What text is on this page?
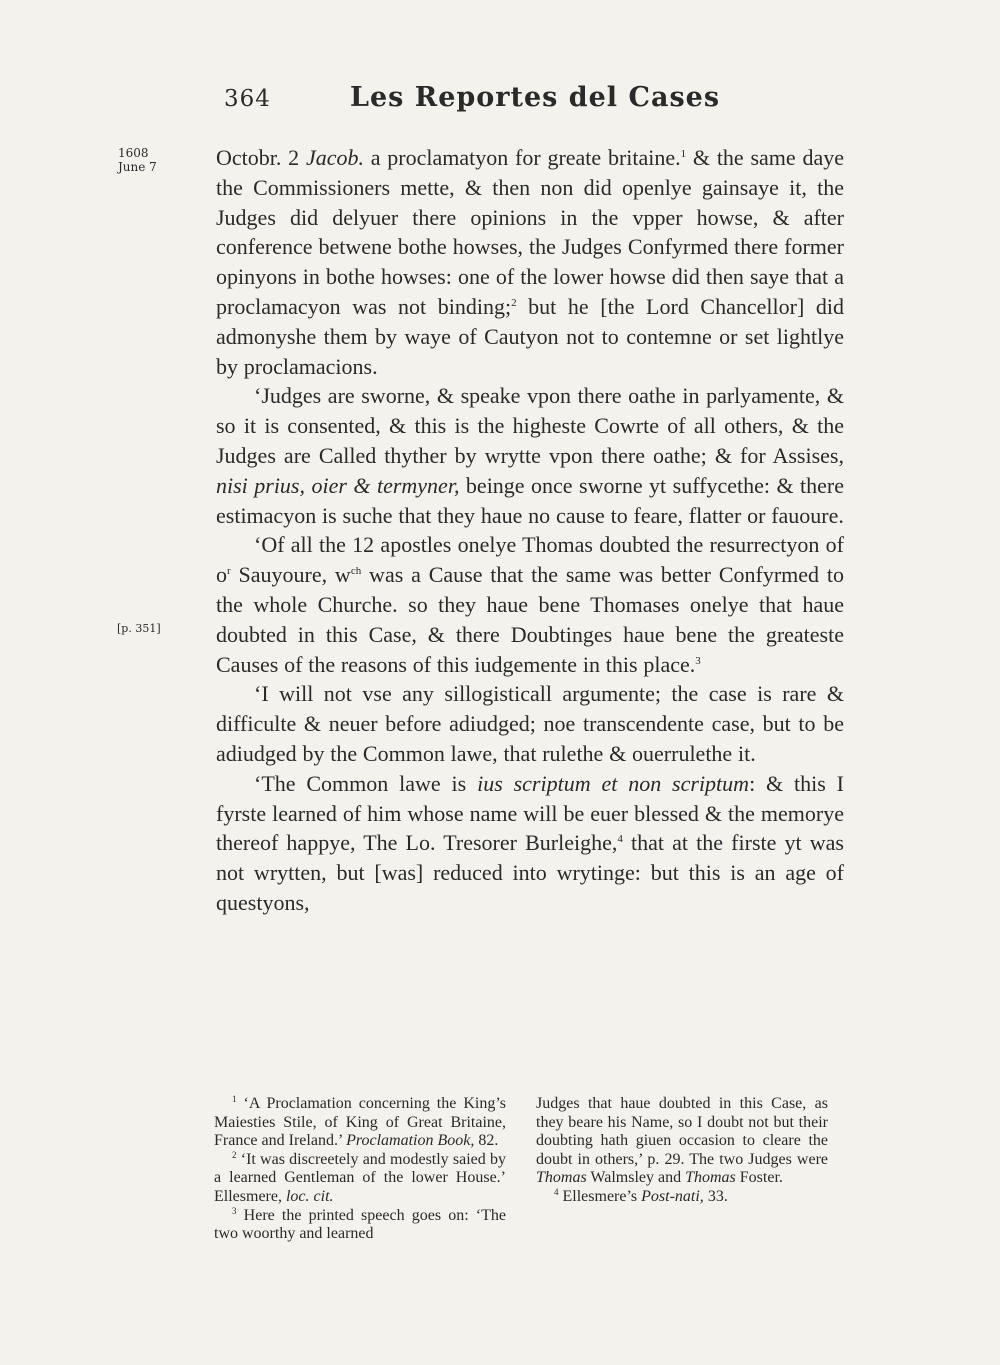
364	Les Reportes del Cases
1608
June 7
[p. 351]

Octobr. 2 Jacob. a proclamatyon for greate britaine.$^1$ & the same daye the Commissioners mette, & then non did openlye gainsaye it, the Judges did delyuer there opinions in the vpper howse, & after conference betwene bothe howses, the Judges Confyrmed there former opinyons in bothe howses: one of the lower howse did then saye that a proclamacyon was not binding;$^2$ but he [the Lord Chancellor] did admonyshe them by waye of Cautyon not to contemne or set lightlye by proclamacions.

‘Judges are sworne, & speake vpon there oathe in parlyamente, & so it is consented, & this is the higheste Cowrte of all others, & the Judges are Called thyther by wrytte vpon there oathe; & for Assises, nisi prius, oier & termyner, beinge once sworne yt suffycethe: & there estimacyon is suche that they haue no cause to feare, flatter or fauoure.

‘Of all the 12 apostles onelye Thomas doubted the resurrectyon of $o^r$ Sauyoure, $w^{ch}$ was a Cause that the same was better Confyrmed to the whole Churche. so they haue bene Thomases onelye that haue doubted in this Case, & there Doubtinges haue bene the greateste Causes of the reasons of this iudgemente in this place.$^3$

‘I will not vse any sillogisticall argumente; the case is rare & difficulte & neuer before adiudged; noe transcendente case, but to be adiudged by the Common lawe, that rulethe & ouerrulethe it.

‘The Common lawe is ius scriptum et non scriptum: & this I fyrste learned of him whose name will be euer blessed & the memorye thereof happye, The Lo. Tresorer Burleighe,$^4$ that at the firste yt was not wrytten, but [was] reduced into wrytinge: but this is an age of questyons,

$^1$ ‘A Proclamation concerning the King’s Maiesties Stile, of King of Great Britaine, France and Ireland.’ Proclamation Book, 82.

$^2$ ‘It was discreetely and modestly saied by a learned Gentleman of the lower House.’ Ellesmere, loc. cit.

$^3$ Here the printed speech goes on: ‘The two woorthy and learned

Judges that haue doubted in this Case, as they beare his Name, so I doubt not but their doubting hath giuen occasion to cleare the doubt in others,’ p. 29. The two Judges were Thomas Walmsley and Thomas Foster.

$^4$ Ellesmere’s Post-nati, 33.
